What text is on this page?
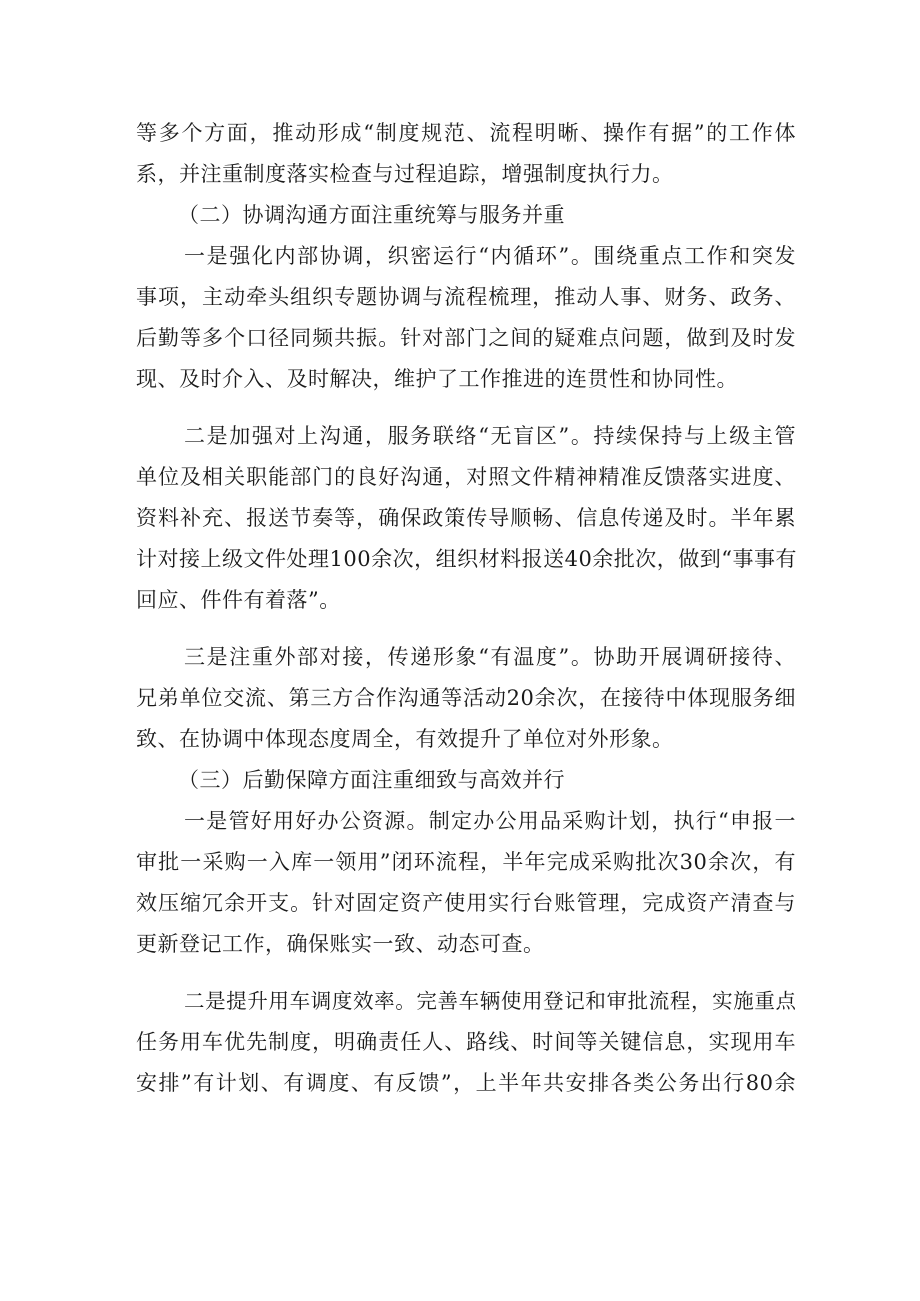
等多个方面，推动形成“制度规范、流程明晰、操作有据”的工作体
系，并注重制度落实检查与过程追踪，增强制度执行力。
（二）协调沟通方面注重统筹与服务并重
一是强化内部协调，织密运行“内循环”。围绕重点工作和突发
事项，主动牵头组织专题协调与流程梳理，推动人事、财务、政务、
后勤等多个口径同频共振。针对部门之间的疑难点问题，做到及时发
现、及时介入、及时解决，维护了工作推进的连贯性和协同性。
二是加强对上沟通，服务联络“无盲区”。持续保持与上级主管
单位及相关职能部门的良好沟通，对照文件精神精准反馈落实进度、
资料补充、报送节奏等，确保政策传导顺畅、信息传递及时。半年累
计对接上级文件处理100余次，组织材料报送40余批次，做到“事事有
回应、件件有着落”。
三是注重外部对接，传递形象“有温度”。协助开展调研接待、
兄弟单位交流、第三方合作沟通等活动20余次，在接待中体现服务细
致、在协调中体现态度周全，有效提升了单位对外形象。
（三）后勤保障方面注重细致与高效并行
一是管好用好办公资源。制定办公用品采购计划，执行“申报一
审批一采购一入库一领用”闭环流程，半年完成采购批次30余次，有
效压缩冗余开支。针对固定资产使用实行台账管理，完成资产清查与
更新登记工作，确保账实一致、动态可查。
二是提升用车调度效率。完善车辆使用登记和审批流程，实施重点
任务用车优先制度，明确责任人、路线、时间等关键信息，实现用车
安排”有计划、有调度、有反馈”，上半年共安排各类公务出行80余
